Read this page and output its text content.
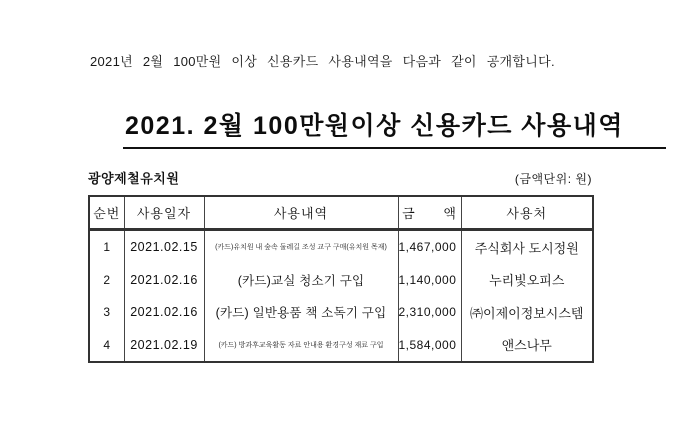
2021년 2월 100만원 이상 신용카드 사용내역을 다음과 같이 공개합니다.

2021. 2월 100만원이상 신용카드 사용내역
광양제철유치원	(금액단위: 원)
순번	사용일자	사용내역	금      액	사용처
1	2021.02.15	(카드)유치원 내 숲속 둘레길 조성 교구 구매(유치원 목재)	1,467,000	주식회사 도시정원
2	2021.02.16	(카드)교실 청소기 구입	1,140,000	누리빛오피스
3	2021.02.16	(카드) 일반용품 책 소독기 구입	2,310,000	㈜이제이정보시스템
4	2021.02.19	(카드) 방과후교육활동 자료 안내용 환경구성 재료 구입	1,584,000	앤스나무
